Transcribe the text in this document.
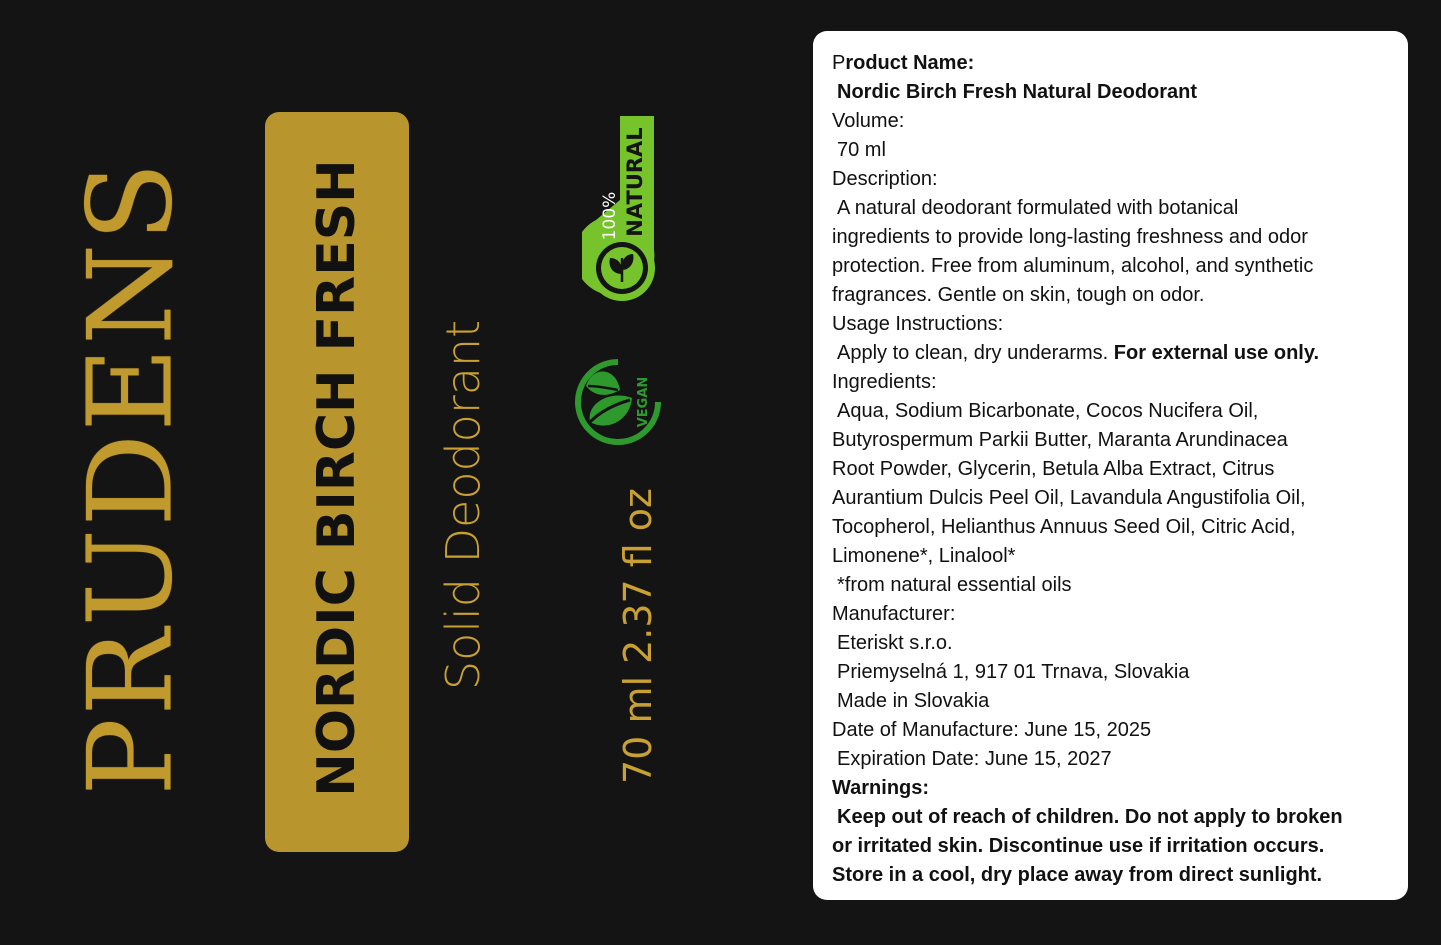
PRUDENS NORDIC BIRCH FRESH Solid Deodorant	70 ml 2.37 fl oz
NATURAL
100%
VEGAN

Product Name:

Nordic Birch Fresh Natural Deodorant

Volume:

70 ml

Description:

A natural deodorant formulated with botanical

ingredients to provide long-lasting freshness and odor

protection. Free from aluminum, alcohol, and synthetic

fragrances. Gentle on skin, tough on odor.

Usage Instructions:

Apply to clean, dry underarms. For external use only.

Ingredients:

Aqua, Sodium Bicarbonate, Cocos Nucifera Oil,

Butyrospermum Parkii Butter, Maranta Arundinacea

Root Powder, Glycerin, Betula Alba Extract, Citrus

Aurantium Dulcis Peel Oil, Lavandula Angustifolia Oil,

Tocopherol, Helianthus Annuus Seed Oil, Citric Acid,

Limonene*, Linalool*

*from natural essential oils

Manufacturer:

Eteriskt s.r.o.

Priemyselná 1, 917 01 Trnava, Slovakia

Made in Slovakia

Date of Manufacture: June 15, 2025

Expiration Date: June 15, 2027

Warnings:

Keep out of reach of children. Do not apply to broken

or irritated skin. Discontinue use if irritation occurs.

Store in a cool, dry place away from direct sunlight.
